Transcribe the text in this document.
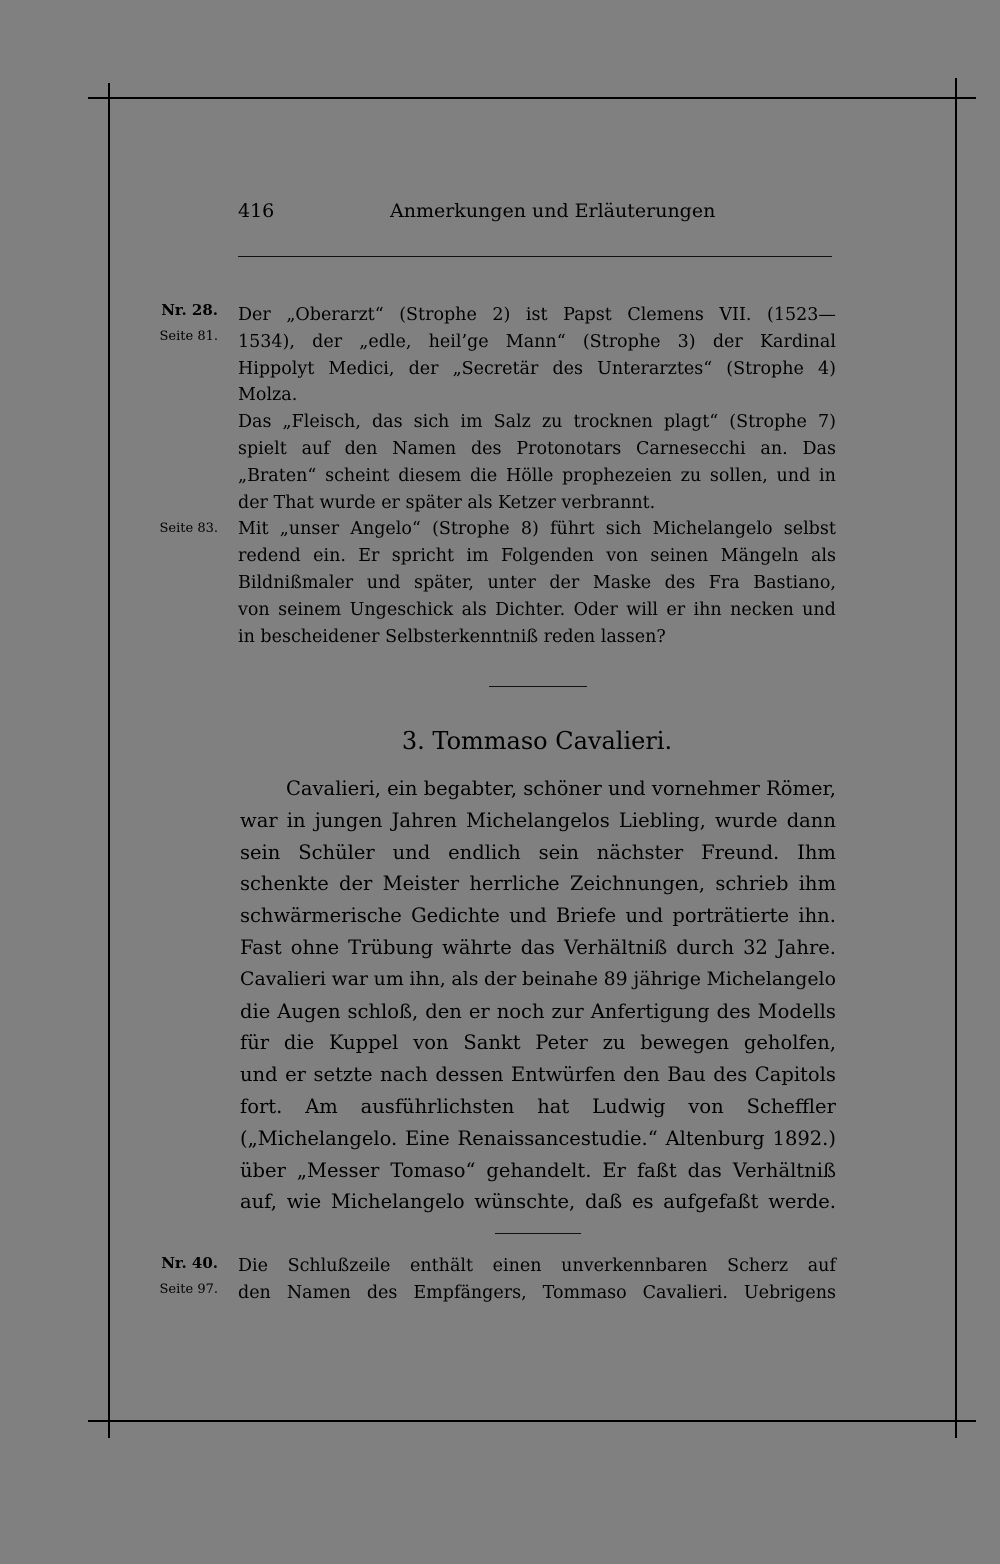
416	Anmerkungen und Erläuterungen
Nr. 28.
Seite 81.
Seite 83.
Der „Oberarzt“ (Strophe 2) ist Papst Clemens VII. (1523—
1534), der „edle, heil’ge Mann“ (Strophe 3) der Kardinal
Hippolyt Medici, der „Secretär des Unterarztes“ (Strophe 4)
Molza.
Das „Fleisch, das sich im Salz zu trocknen plagt“ (Strophe 7)
spielt auf den Namen des Protonotars Carnesecchi an. Das
„Braten“ scheint diesem die Hölle prophezeien zu sollen, und in
der That wurde er später als Ketzer verbrannt.
Mit „unser Angelo“ (Strophe 8) führt sich Michelangelo selbst
redend ein. Er spricht im Folgenden von seinen Mängeln als
Bildnißmaler und später, unter der Maske des Fra Bastiano,
von seinem Ungeschick als Dichter. Oder will er ihn necken und
in bescheidener Selbsterkenntniß reden lassen?
3. Tommaso Cavalieri.
Cavalieri, ein begabter, schöner und vornehmer Römer,
war in jungen Jahren Michelangelos Liebling, wurde dann
sein Schüler und endlich sein nächster Freund. Ihm
schenkte der Meister herrliche Zeichnungen, schrieb ihm
schwärmerische Gedichte und Briefe und porträtierte ihn.
Fast ohne Trübung währte das Verhältniß durch 32 Jahre.
Cavalieri war um ihn, als der beinahe 89 jährige Michelangelo
die Augen schloß, den er noch zur Anfertigung des Modells
für die Kuppel von Sankt Peter zu bewegen geholfen,
und er setzte nach dessen Entwürfen den Bau des Capitols
fort. Am ausführlichsten hat Ludwig von Scheffler
(„Michelangelo. Eine Renaissancestudie.“ Altenburg 1892.)
über „Messer Tomaso“ gehandelt. Er faßt das Verhältniß
auf, wie Michelangelo wünschte, daß es aufgefaßt werde.
Nr. 40.
Seite 97.
Die Schlußzeile enthält einen unverkennbaren Scherz auf
den Namen des Empfängers, Tommaso Cavalieri. Uebrigens
